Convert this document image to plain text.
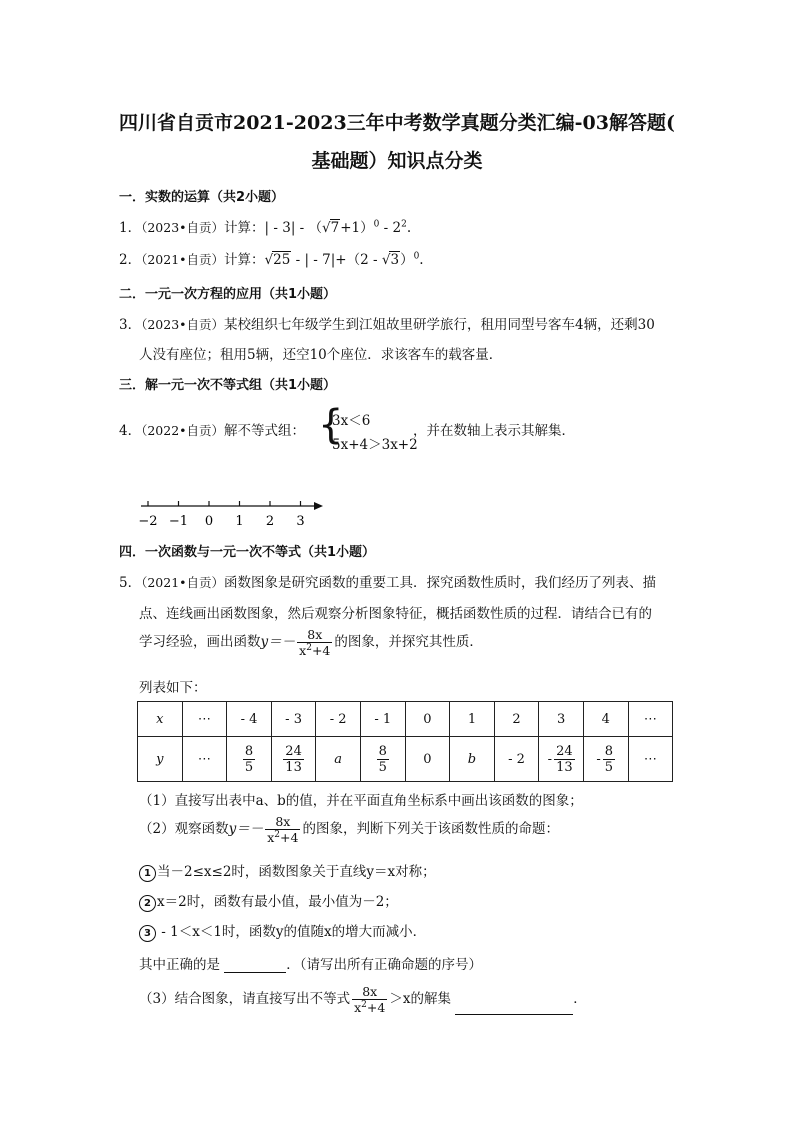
四川省自贡市2021-2023三年中考数学真题分类汇编-03解答题(
基础题）知识点分类
一．实数的运算（共2小题）
1．（2023•自贡）计算：| - $3| - (√7+1)^0 - 2^2$.
2．（2021•自贡）计算：√25 - | - 7|+（2 - √3）$^0$.
二．一元一次方程的应用（共1小题）
3．（2023•自贡）某校组织七年级学生到江姐故里研学旅行，租用同型号客车4辆，还剩30
人没有座位；租用5辆，还空10个座位．求该客车的载客量．
三．解一元一次不等式组（共1小题）
4．（2022•自贡）解不等式组： {
3x＜6
5x+4＞3x+2
，并在数轴上表示其解集．
−2 −1 0 1 2 3
四．一次函数与一元一次不等式（共1小题）
5．（2021•自贡）函数图象是研究函数的重要工具．探究函数性质时，我们经历了列表、描
点、连线画出函数图象，然后观察分析图象特征，概括函数性质的过程．请结合已有的
学习经验，画出函数$y=- \frac{8x}{x^2+4}$ 的图象，并探究其性质．
列表如下：
x	⋯	- 4	- 3	- 2	- 1	0	1	2	3	4	⋯
y	⋯	$\frac{8}{5}$	$\frac{24}{13}$	a	$\frac{8}{5}$	0	b	- 2	- $\frac{24}{13}$	- $\frac{8}{5}$	⋯
（1）直接写出表中a、b的值，并在平面直角坐标系中画出该函数的图象；
（2）观察函数$y=- \frac{8x}{x^2+4}$ 的图象，判断下列关于该函数性质的命题：
1 当－2≤x≤2时，函数图象关于直线y＝x对称；
2 x＝2时，函数有最小值，最小值为－2；
3 - 1＜x＜1时，函数y的值随x的增大而减小．
其中正确的是	．（请写出所有正确命题的序号）
（3）结合图象，请直接写出不等式 $\frac{8x}{x^2+4} >x$的解集	．
